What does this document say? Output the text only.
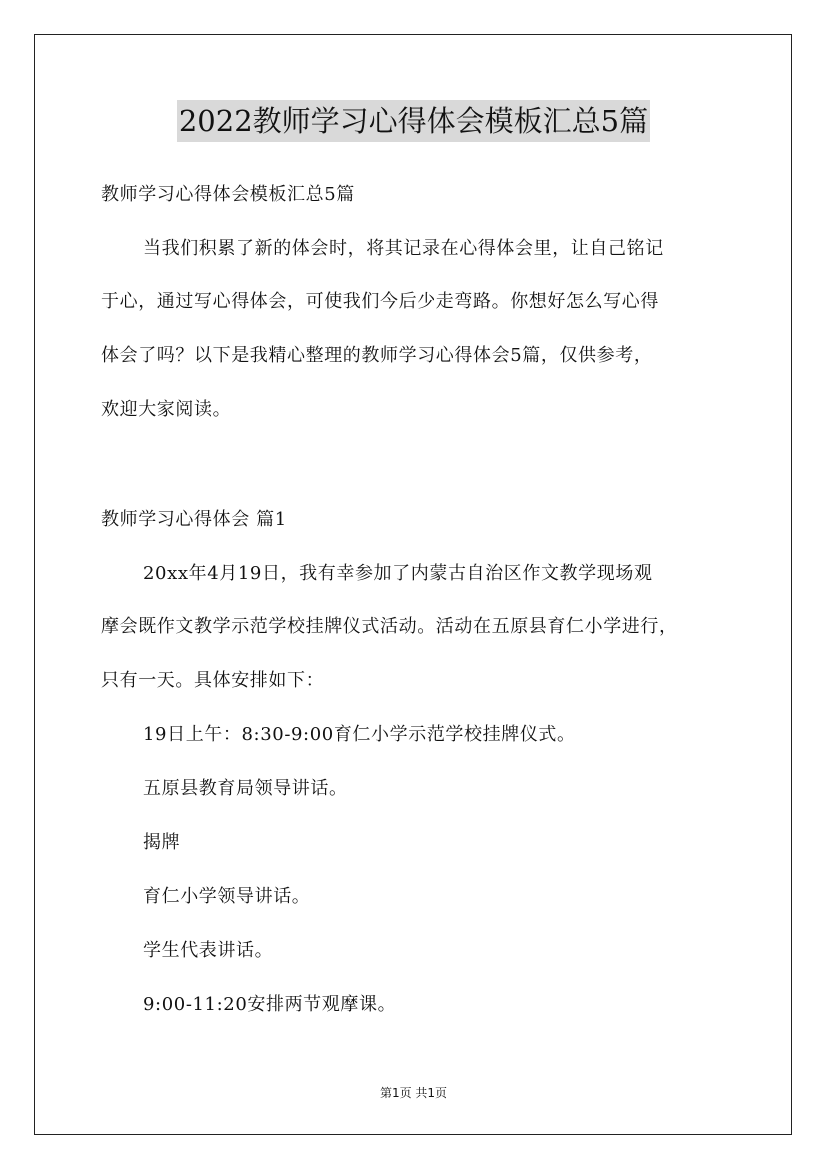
2022教师学习心得体会模板汇总5篇
教师学习心得体会模板汇总5篇
当我们积累了新的体会时，将其记录在心得体会里，让自己铭记
于心，通过写心得体会，可使我们今后少走弯路。你想好怎么写心得
体会了吗？以下是我精心整理的教师学习心得体会5篇，仅供参考，
欢迎大家阅读。
教师学习心得体会 篇1
20xx年4月19日，我有幸参加了内蒙古自治区作文教学现场观
摩会既作文教学示范学校挂牌仪式活动。活动在五原县育仁小学进行，
只有一天。具体安排如下：
19日上午：8:30-9:00育仁小学示范学校挂牌仪式。
五原县教育局领导讲话。
揭牌
育仁小学领导讲话。
学生代表讲话。
9:00-11:20安排两节观摩课。
第1页 共1页
